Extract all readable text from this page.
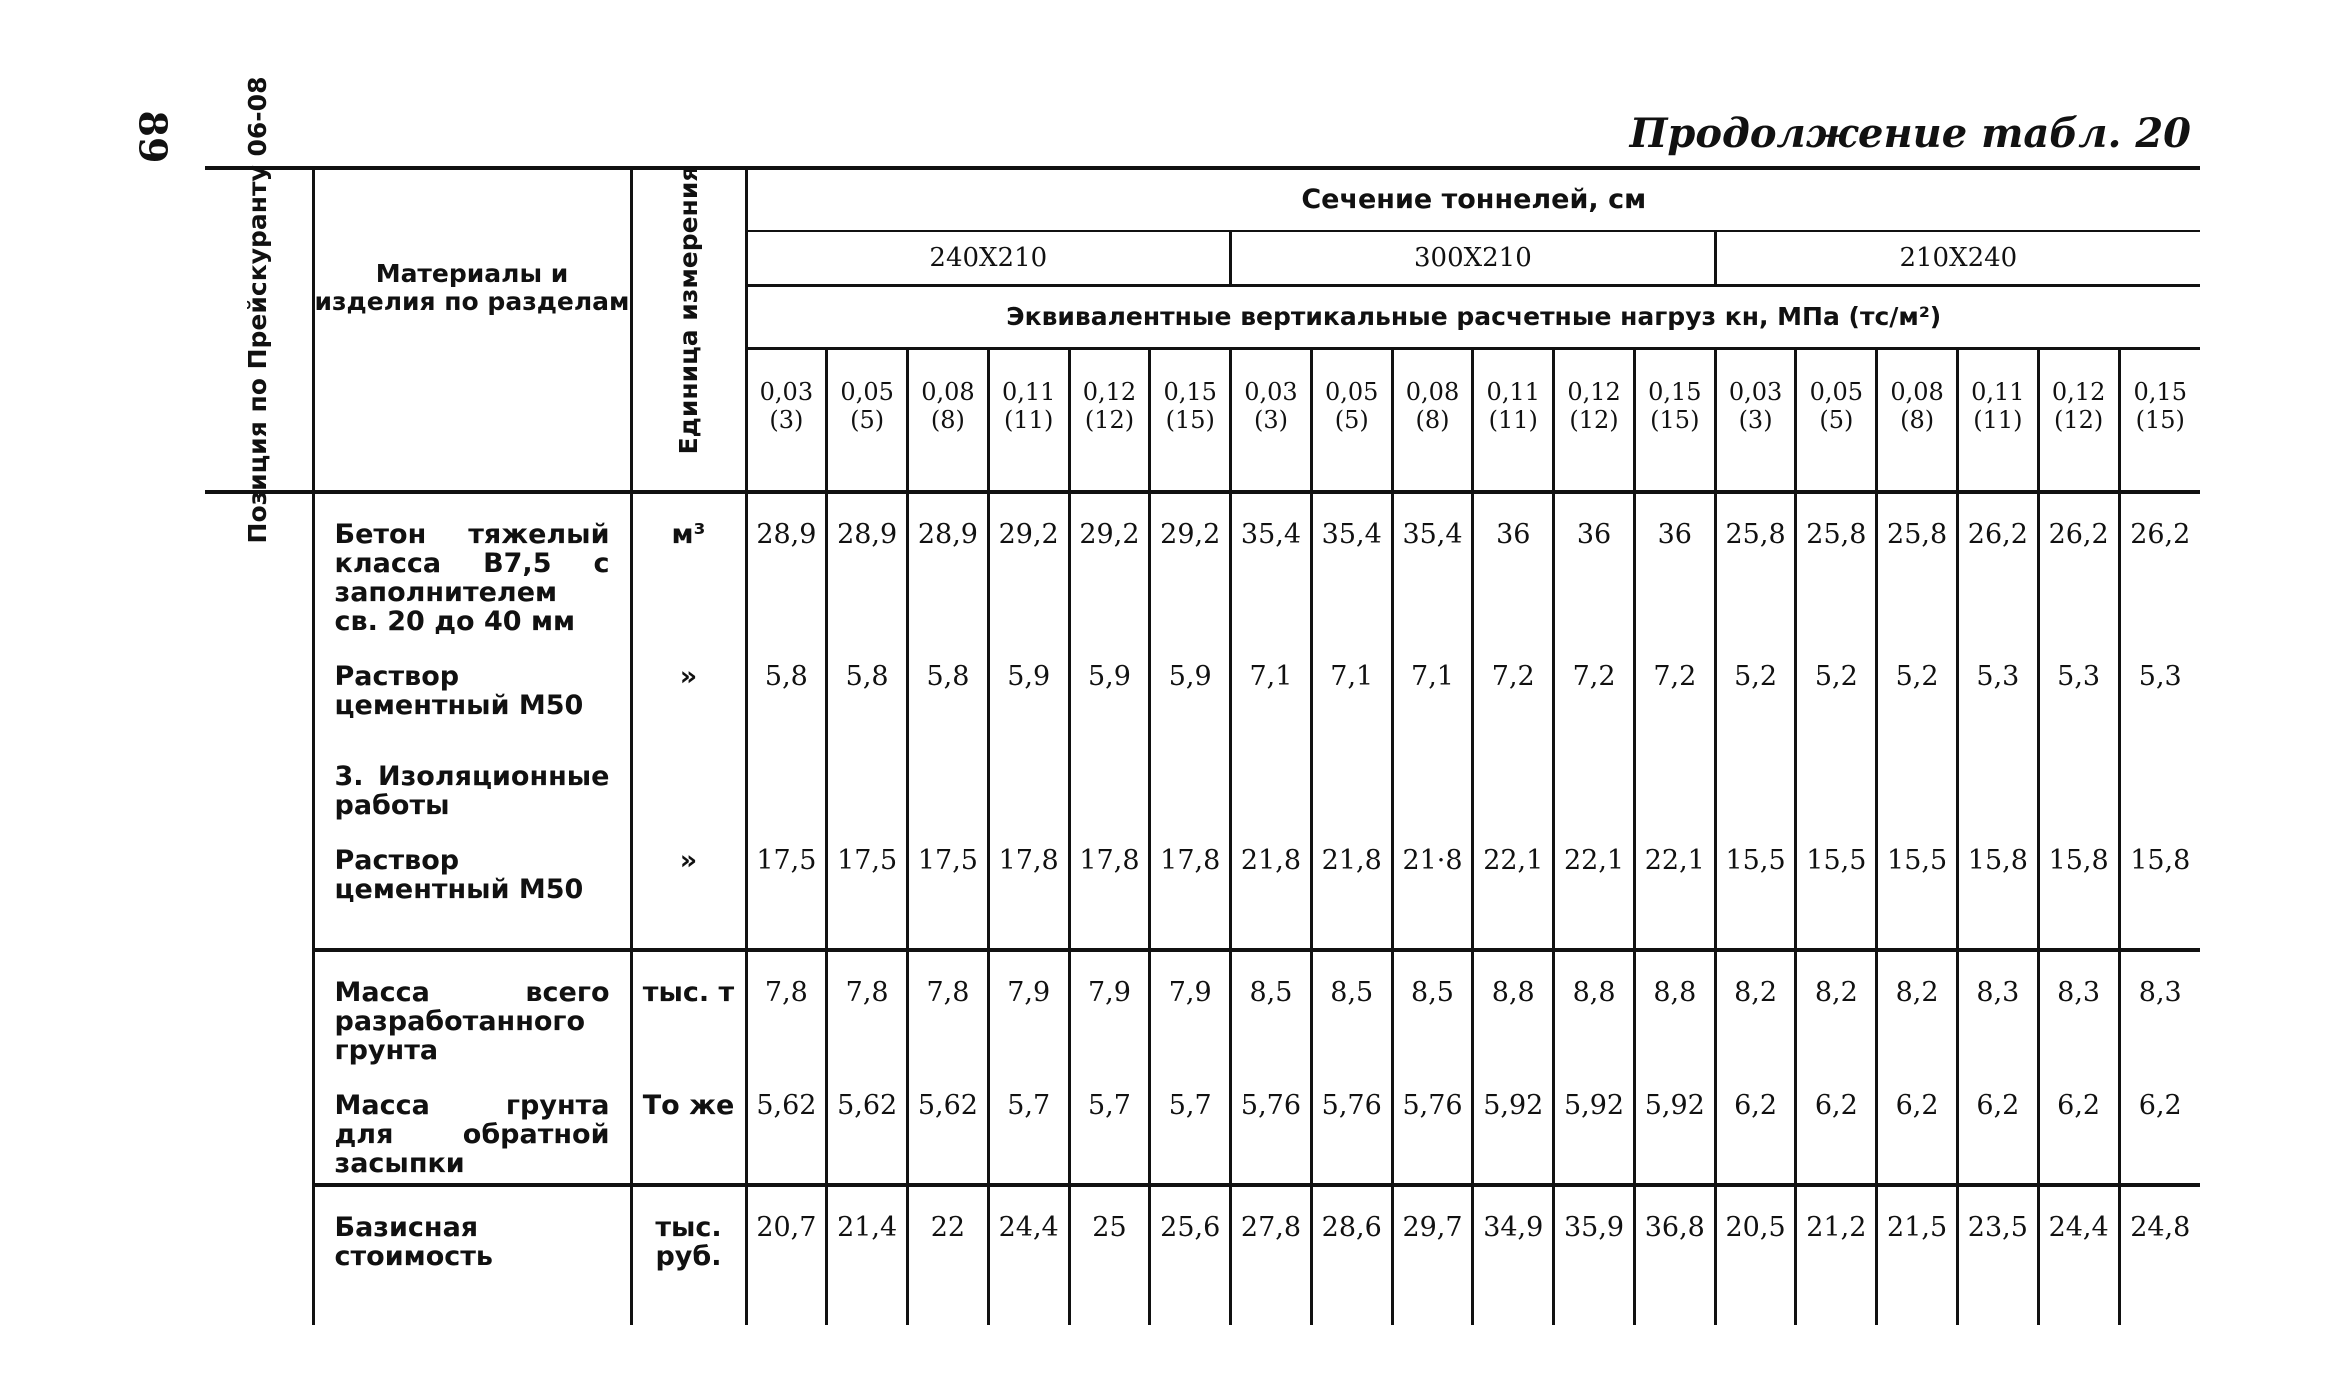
89	Продолжение табл. 20
Позиция по Прейскуранту 06-08	Материалы и изделия по разделам	Единица измерения	Сечение тоннелей, см																	
			240X210						300X210						210X240					
			Эквивалентные вертикальные расчетные нагруз кн, МПа (тс/м²)																	
			0,03 (3)	0,05 (5)	0,08 (8)	0,11 (11)	0,12 (12)	0,15 (15)	0,03 (3)	0,05 (5)	0,08 (8)	0,11 (11)	0,12 (12)	0,15 (15)	0,03 (3)	0,05 (5)	0,08 (8)	0,11 (11)	0,12 (12)	0,15 (15)
	Бетон тяжелый класса В7,5 с заполнителем св. 20 до 40 мм	м³	28,9	28,9	28,9	29,2	29,2	29,2	35,4	35,4	35,4	36	36	36	25,8	25,8	25,8	26,2	26,2	26,2
	Раствор цементный М50	»	5,8	5,8	5,8	5,9	5,9	5,9	7,1	7,1	7,1	7,2	7,2	7,2	5,2	5,2	5,2	5,3	5,3	5,3
	3. Изоляционные работы																			
	Раствор цементный М50	»	17,5	17,5	17,5	17,8	17,8	17,8	21,8	21,8	21·8	22,1	22,1	22,1	15,5	15,5	15,5	15,8	15,8	15,8
	Масса всего разработанного грунта	тыс. т	7,8	7,8	7,8	7,9	7,9	7,9	8,5	8,5	8,5	8,8	8,8	8,8	8,2	8,2	8,2	8,3	8,3	8,3
	Масса грунта для обратной засыпки	То же	5,62	5,62	5,62	5,7	5,7	5,7	5,76	5,76	5,76	5,92	5,92	5,92	6,2	6,2	6,2	6,2	6,2	6,2
	Базисная стоимость	тыс. руб.	20,7	21,4	22	24,4	25	25,6	27,8	28,6	29,7	34,9	35,9	36,8	20,5	21,2	21,5	23,5	24,4	24,8
